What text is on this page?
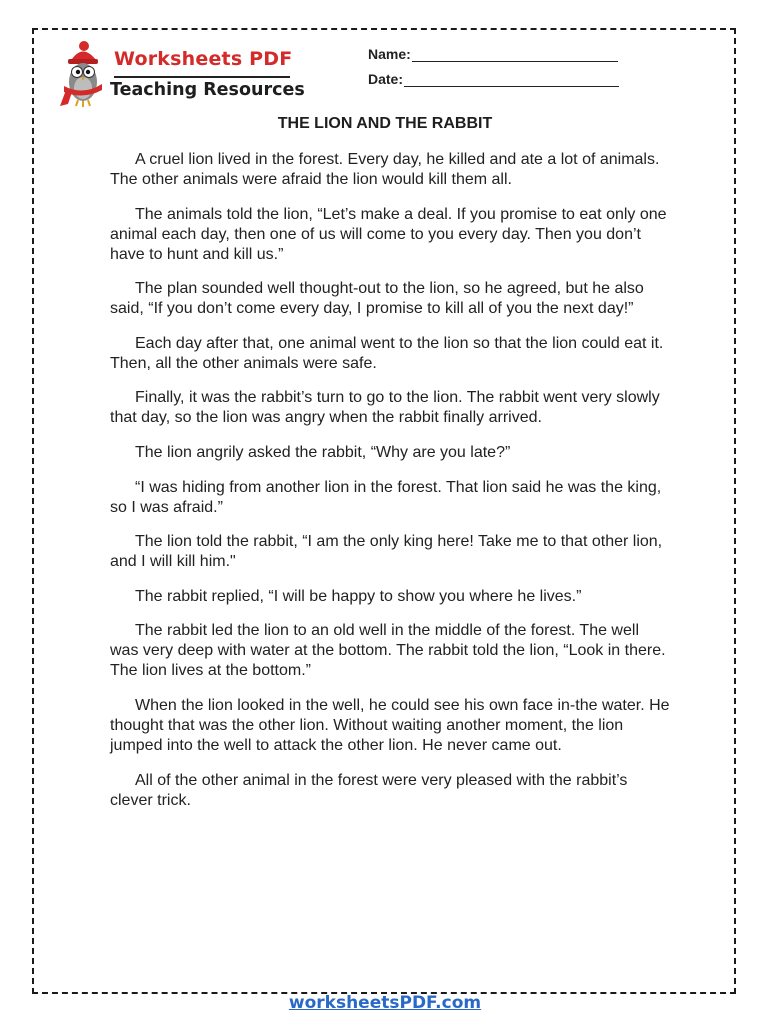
Worksheets PDF
Teaching Resources
Name:
Date:
THE LION AND THE RABBIT

A cruel lion lived in the forest. Every day, he killed and ate a lot of animals. The other animals were afraid the lion would kill them all.

The animals told the lion, “Let’s make a deal. If you promise to eat only one animal each day, then one of us will come to you every day. Then you don’t have to hunt and kill us.”

The plan sounded well thought-out to the lion, so he agreed, but he also said, “If you don’t come every day, I promise to kill all of you the next day!”

Each day after that, one animal went to the lion so that the lion could eat it. Then, all the other animals were safe.

Finally, it was the rabbit’s turn to go to the lion. The rabbit went very slowly that day, so the lion was angry when the rabbit finally arrived.

The lion angrily asked the rabbit, “Why are you late?”

“I was hiding from another lion in the forest. That lion said he was the king, so I was afraid.”

The lion told the rabbit, “I am the only king here! Take me to that other lion, and I will kill him."

The rabbit replied, “I will be happy to show you where he lives.”

The rabbit led the lion to an old well in the middle of the forest. The well was very deep with water at the bottom. The rabbit told the lion, “Look in there. The lion lives at the bottom.”

When the lion looked in the well, he could see his own face in-the water. He thought that was the other lion. Without waiting another moment, the lion jumped into the well to attack the other lion. He never came out.

All of the other animal in the forest were very pleased with the rabbit’s clever trick.

worksheetsPDF.com
